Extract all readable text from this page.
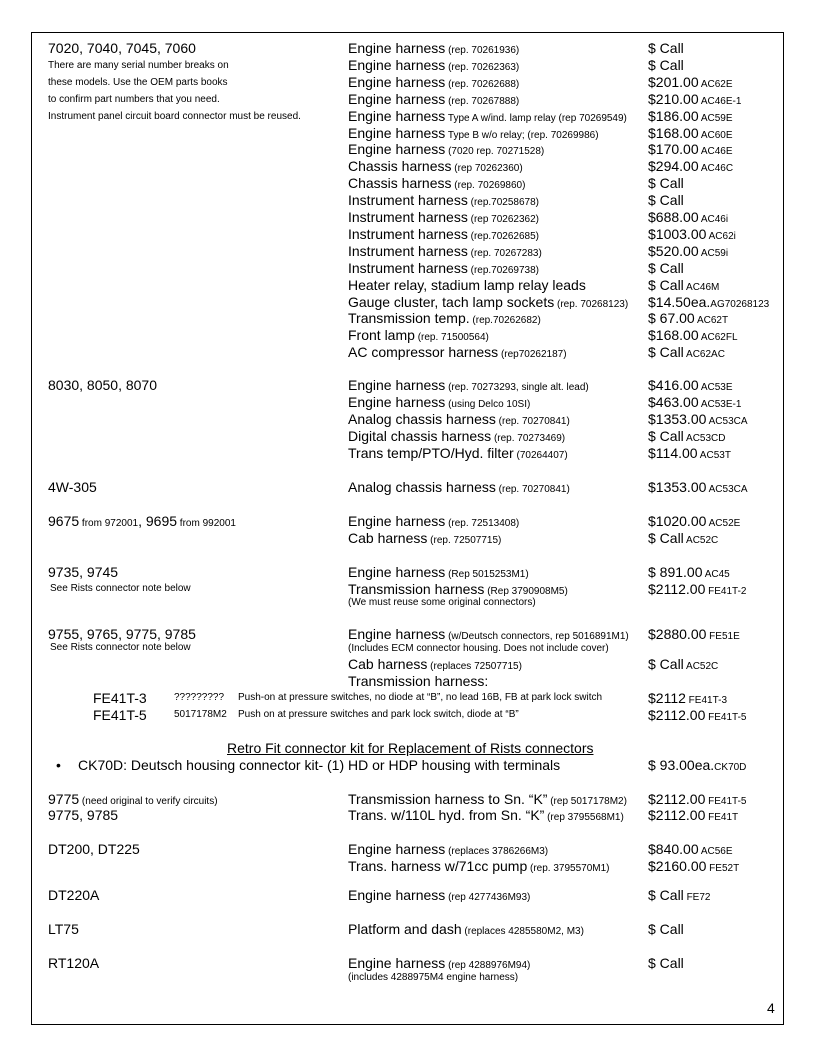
7020, 7040, 7045, 7060
There are many serial number breaks on
these models. Use the OEM parts books
to confirm part numbers that you need.
Instrument panel circuit board connector must be reused.
Engine harness (rep. 70261936)	$ Call
Engine harness (rep. 70262363)	$ Call
Engine harness (rep. 70262688)	$201.00 AC62E
Engine harness (rep. 70267888)	$210.00 AC46E-1
Engine harness Type A w/ind. lamp relay (rep 70269549) $186.00 AC59E
Engine harness Type B w/o relay; (rep. 70269986)	$168.00 AC60E
Engine harness (7020 rep. 70271528)	$170.00 AC46E
Chassis harness (rep 70262360)	$294.00 AC46C
Chassis harness (rep. 70269860)	$ Call
Instrument harness (rep.70258678)	$ Call
Instrument harness (rep 70262362)	$688.00 AC46i
Instrument harness (rep.70262685)	$1003.00 AC62i
Instrument harness (rep. 70267283)	$520.00 AC59i
Instrument harness (rep.70269738)	$ Call
Heater relay, stadium lamp relay leads	$ Call AC46M
Gauge cluster, tach lamp sockets (rep. 70268123) $14.50ea.AG70268123
Transmission temp. (rep.70262682)	$ 67.00 AC62T
Front lamp (rep. 71500564)	$168.00 AC62FL
AC compressor harness (rep70262187)	$ Call AC62AC
8030, 8050, 8070	Engine harness (rep. 70273293, single alt. lead)	$416.00 AC53E
Engine harness (using Delco 10SI)	$463.00 AC53E-1
Analog chassis harness (rep. 70270841)	$1353.00 AC53CA
Digital chassis harness (rep. 70273469)	$ Call AC53CD
Trans temp/PTO/Hyd. filter (70264407)	$114.00 AC53T
4W-305	Analog chassis harness (rep. 70270841)	$1353.00 AC53CA
9675 from 972001, 9695 from 992001	Engine harness (rep. 72513408)	$1020.00 AC52E
Cab harness (rep. 72507715)	$ Call AC52C
9735, 9745
See Rists connector note below
Engine harness (Rep 5015253M1)	$ 891.00 AC45
Transmission harness (Rep 3790908M5)	$2112.00 FE41T-2
(We must reuse some original connectors)
9755, 9765, 9775, 9785
See Rists connector note below
Engine harness (w/Deutsch connectors, rep 5016891M1) $2880.00 FE51E
(Includes ECM connector housing. Does not include cover)
Cab harness (replaces 72507715)	$ Call AC52C
Transmission harness:
FE41T-3	????????? Push-on at pressure switches, no diode at “B”, no lead 16B, FB at park lock switch	$2112 FE41T-3
FE41T-5	5017178M2 Push on at pressure switches and park lock switch, diode at “B”	$2112.00 FE41T-5
Retro Fit connector kit for Replacement of Rists connectors
• CK70D: Deutsch housing connector kit- (1) HD or HDP housing with terminals	$ 93.00ea.CK70D
9775 (need original to verify circuits)	Transmission harness to Sn. “K” (rep 5017178M2) $2112.00 FE41T-5
9775, 9785	Trans. w/110L hyd. from Sn. “K” (rep 3795568M1) $2112.00 FE41T
DT200, DT225	Engine harness (replaces 3786266M3)	$840.00 AC56E
Trans. harness w/71cc pump (rep. 3795570M1)	$2160.00 FE52T
DT220A	Engine harness (rep 4277436M93)	$ Call FE72
LT75	Platform and dash (replaces 4285580M2, M3)	$ Call
RT120A	Engine harness (rep 4288976M94)	$ Call
(includes 4288975M4 engine harness)
4
